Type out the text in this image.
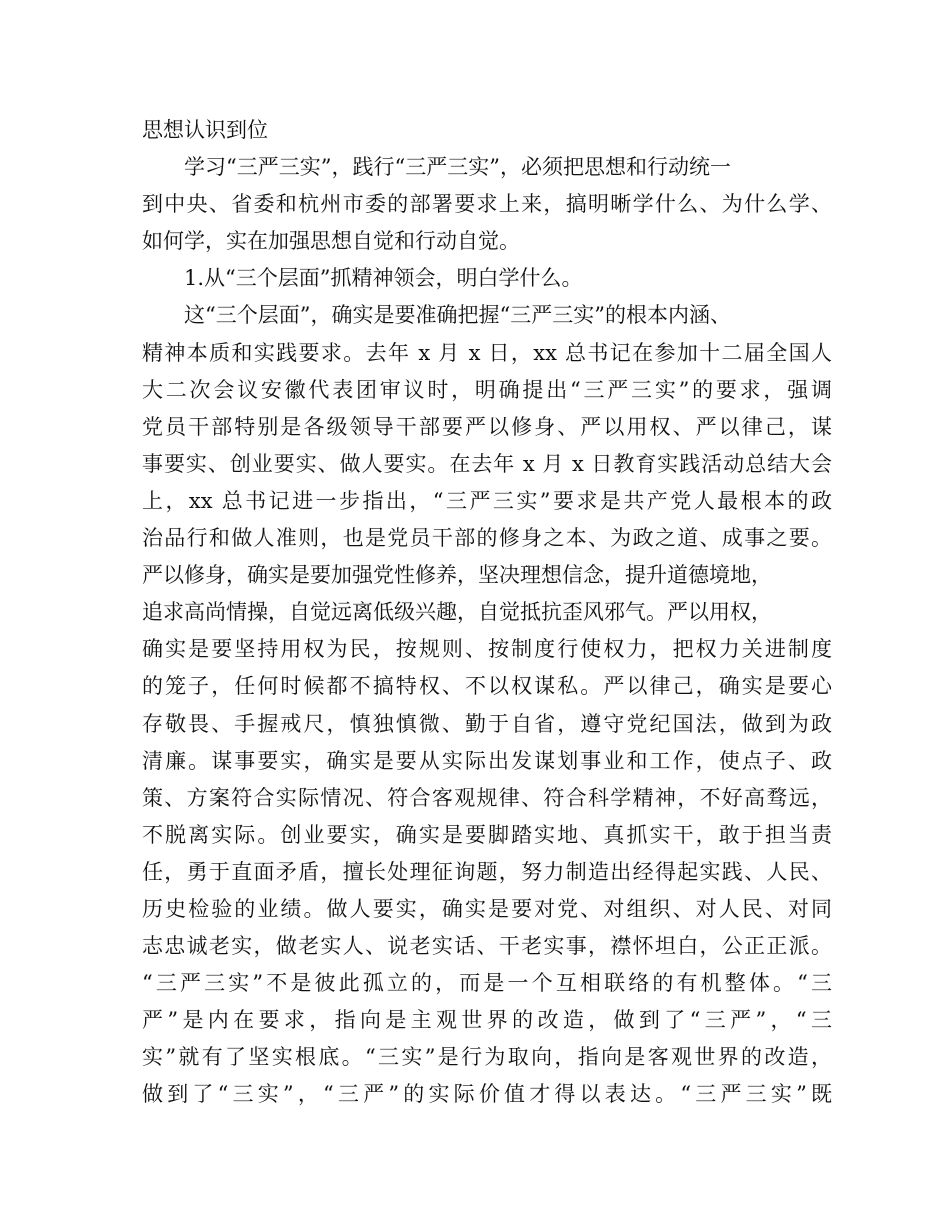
思想认识到位
学习“三严三实”，践行“三严三实”，必须把思想和行动统一
到中央、省委和杭州市委的部署要求上来，搞明晰学什么、为什么学、
如何学，实在加强思想自觉和行动自觉。
1.从“三个层面”抓精神领会，明白学什么。
这“三个层面”，确实是要准确把握“三严三实”的根本内涵、
精神本质和实践要求。去年 x 月 x 日，xx 总书记在参加十二届全国人
大二次会议安徽代表团审议时，明确提出“三严三实”的要求，强调
党员干部特别是各级领导干部要严以修身、严以用权、严以律己，谋
事要实、创业要实、做人要实。在去年 x 月 x 日教育实践活动总结大会
上，xx 总书记进一步指出，“三严三实”要求是共产党人最根本的政
治品行和做人准则，也是党员干部的修身之本、为政之道、成事之要。
严以修身，确实是要加强党性修养，坚决理想信念，提升道德境地，
追求高尚情操，自觉远离低级兴趣，自觉抵抗歪风邪气。严以用权，
确实是要坚持用权为民，按规则、按制度行使权力，把权力关进制度
的笼子，任何时候都不搞特权、不以权谋私。严以律己，确实是要心
存敬畏、手握戒尺，慎独慎微、勤于自省，遵守党纪国法，做到为政
清廉。谋事要实，确实是要从实际出发谋划事业和工作，使点子、政
策、方案符合实际情况、符合客观规律、符合科学精神，不好高骛远，
不脱离实际。创业要实，确实是要脚踏实地、真抓实干，敢于担当责
任，勇于直面矛盾，擅长处理征询题，努力制造出经得起实践、人民、
历史检验的业绩。做人要实，确实是要对党、对组织、对人民、对同
志忠诚老实，做老实人、说老实话、干老实事，襟怀坦白，公正正派。
“三严三实”不是彼此孤立的，而是一个互相联络的有机整体。“三
严”是内在要求，指向是主观世界的改造，做到了“三严”，“三
实”就有了坚实根底。“三实”是行为取向，指向是客观世界的改造，
做到了“三实”，“三严”的实际价值才得以表达。“三严三实”既
